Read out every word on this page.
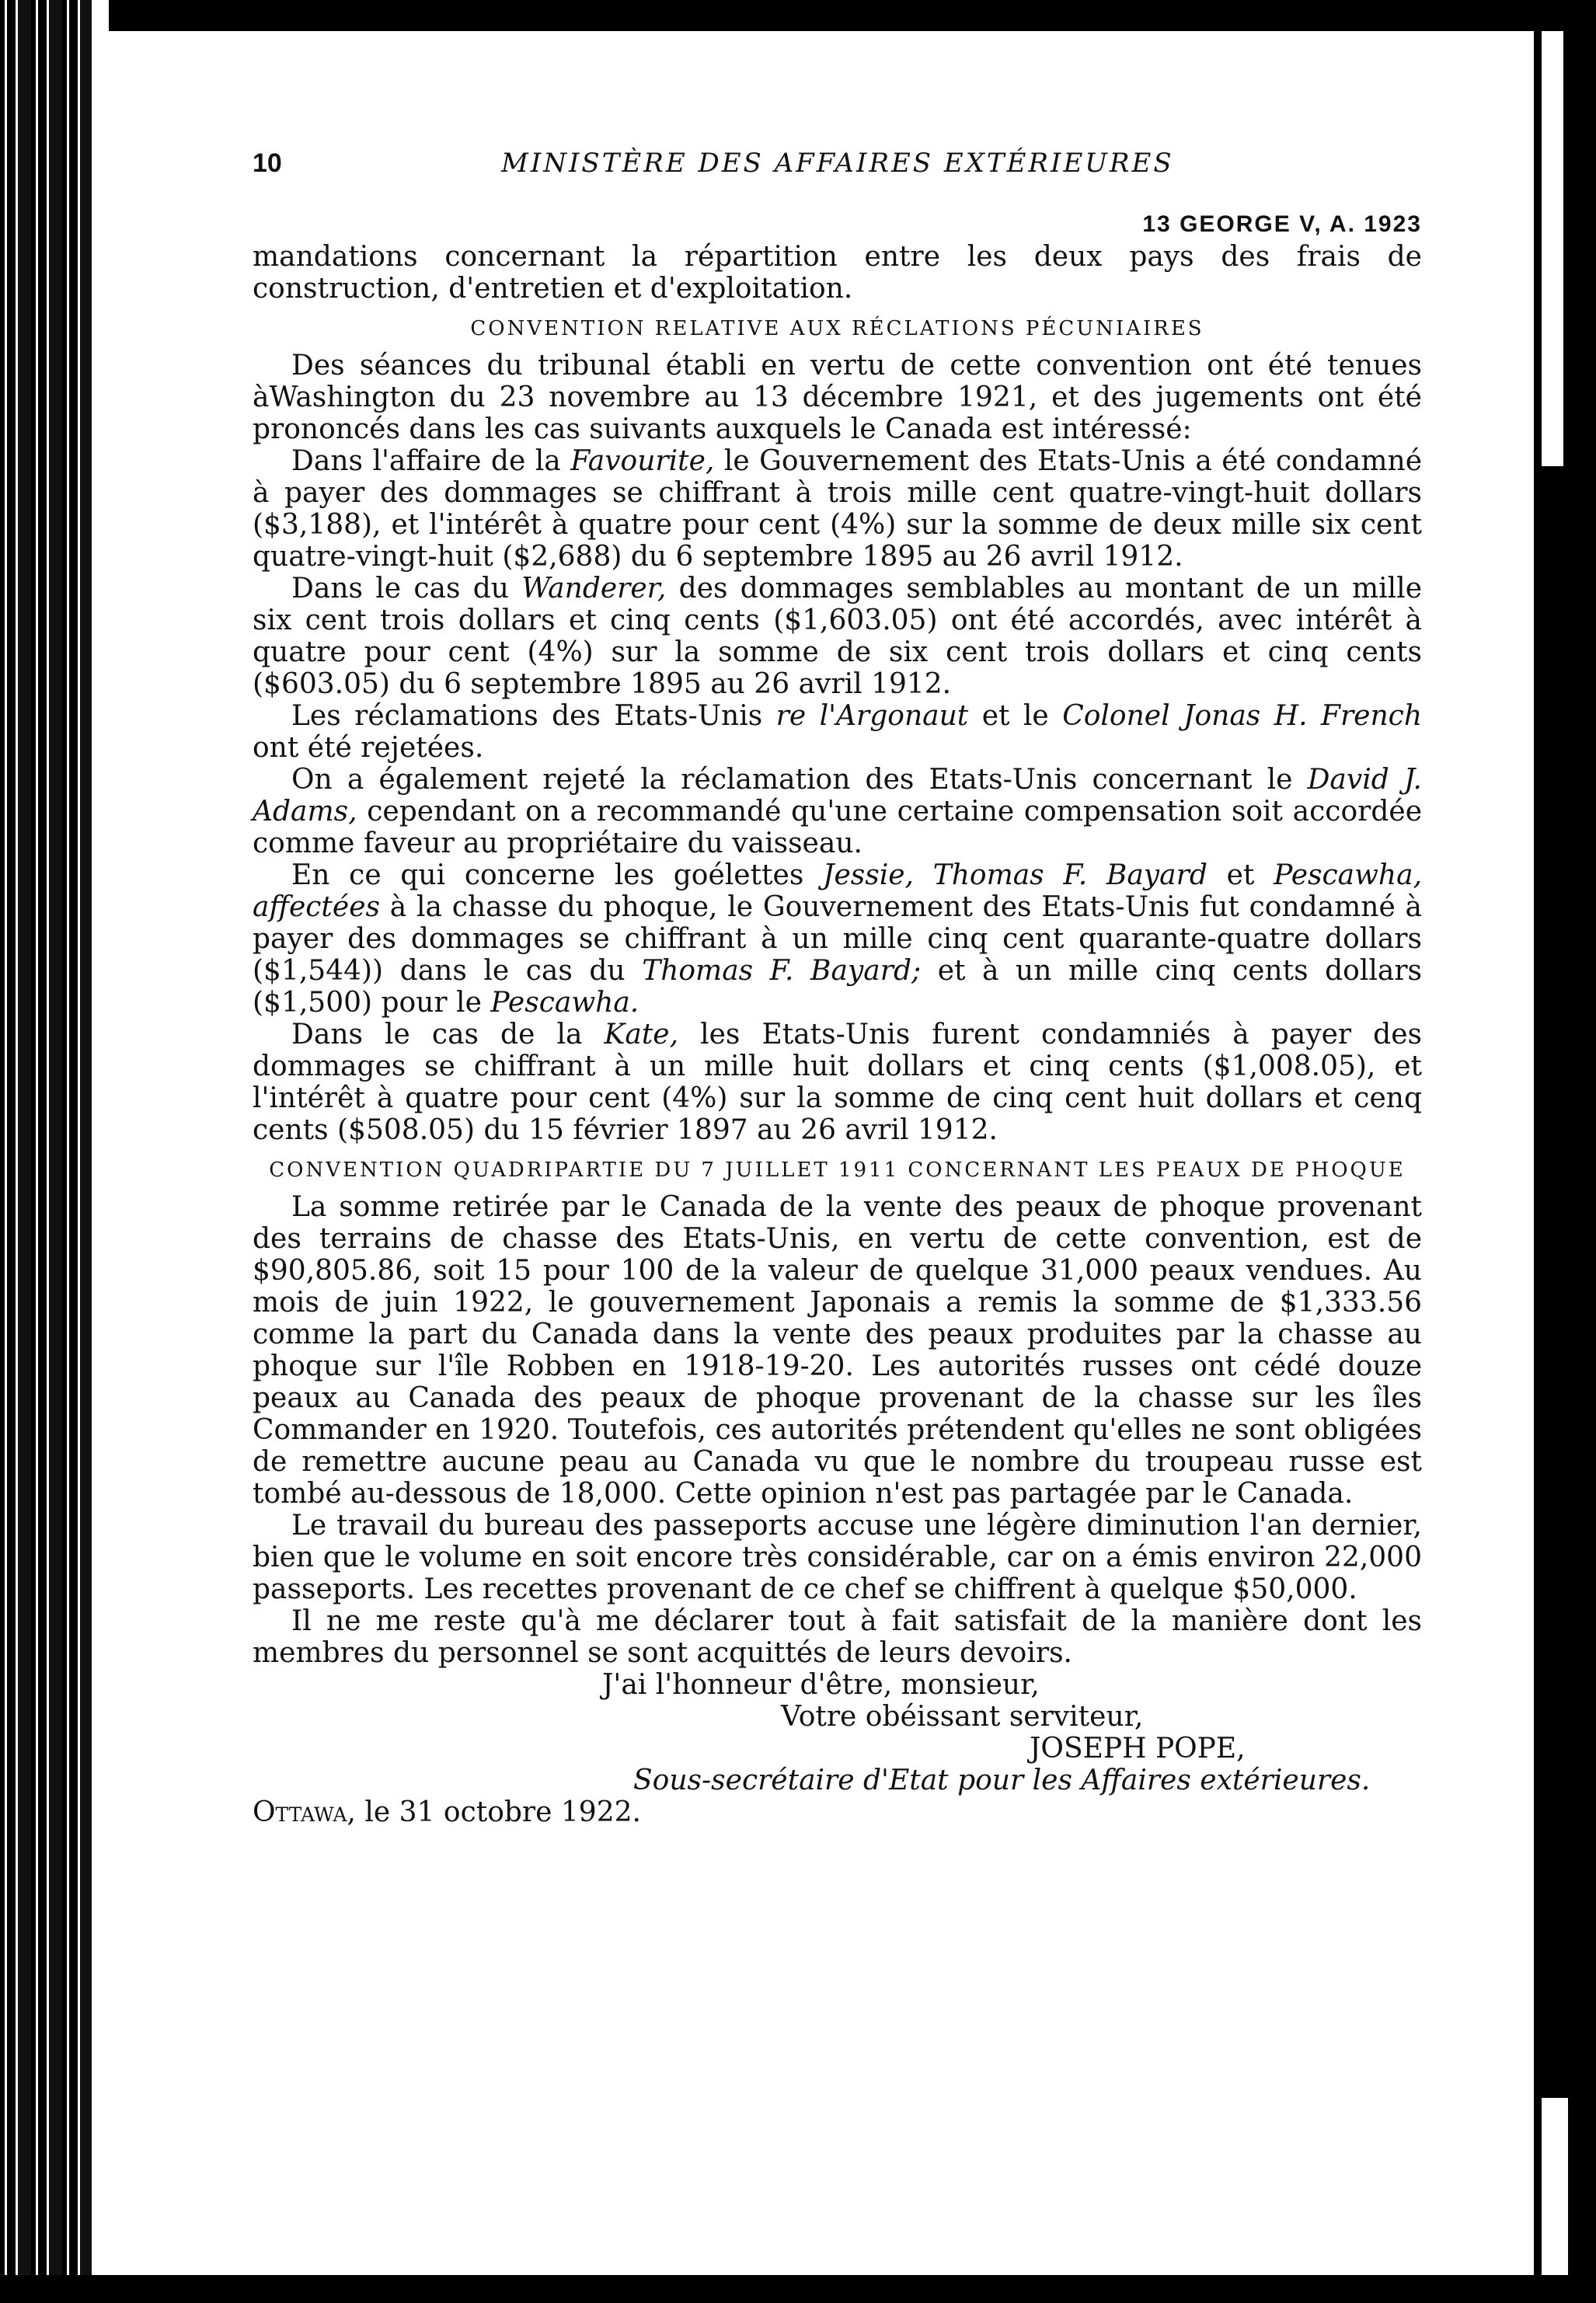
10	MINISTÈRE DES AFFAIRES EXTÉRIEURES
13 GEORGE V, A. 1923

mandations concernant la répartition entre les deux pays des frais de construction, d'entretien et d'exploitation.

CONVENTION RELATIVE AUX RÉCLATIONS PÉCUNIAIRES

Des séances du tribunal établi en vertu de cette convention ont été tenues àWashington du 23 novembre au 13 décembre 1921, et des jugements ont été prononcés dans les cas suivants auxquels le Canada est intéressé:

Dans l'affaire de la Favourite, le Gouvernement des Etats-Unis a été condamné à payer des dommages se chiffrant à trois mille cent quatre-vingt-huit dollars ($3,188), et l'intérêt à quatre pour cent (4%) sur la somme de deux mille six cent quatre-vingt-huit ($2,688) du 6 septembre 1895 au 26 avril 1912.

Dans le cas du Wanderer, des dommages semblables au montant de un mille six cent trois dollars et cinq cents ($1,603.05) ont été accordés, avec intérêt à quatre pour cent (4%) sur la somme de six cent trois dollars et cinq cents ($603.05) du 6 septembre 1895 au 26 avril 1912.

Les réclamations des Etats-Unis re l'Argonaut et le Colonel Jonas H. French ont été rejetées.

On a également rejeté la réclamation des Etats-Unis concernant le David J. Adams, cependant on a recommandé qu'une certaine compensation soit accordée comme faveur au propriétaire du vaisseau.

En ce qui concerne les goélettes Jessie, Thomas F. Bayard et Pescawha, affectées à la chasse du phoque, le Gouvernement des Etats-Unis fut condamné à payer des dommages se chiffrant à un mille cinq cent quarante-quatre dollars ($1,544)) dans le cas du Thomas F. Bayard; et à un mille cinq cents dollars ($1,500) pour le Pescawha.

Dans le cas de la Kate, les Etats-Unis furent condamniés à payer des dommages se chiffrant à un mille huit dollars et cinq cents ($1,008.05), et l'intérêt à quatre pour cent (4%) sur la somme de cinq cent huit dollars et cenq cents ($508.05) du 15 février 1897 au 26 avril 1912.

CONVENTION QUADRIPARTIE DU 7 JUILLET 1911 CONCERNANT LES PEAUX DE PHOQUE

La somme retirée par le Canada de la vente des peaux de phoque provenant des terrains de chasse des Etats-Unis, en vertu de cette convention, est de $90,805.86, soit 15 pour 100 de la valeur de quelque 31,000 peaux vendues. Au mois de juin 1922, le gouvernement Japonais a remis la somme de $1,333.56 comme la part du Canada dans la vente des peaux produites par la chasse au phoque sur l'île Robben en 1918-19-20. Les autorités russes ont cédé douze peaux au Canada des peaux de phoque provenant de la chasse sur les îles Commander en 1920. Toutefois, ces autorités prétendent qu'elles ne sont obligées de remettre aucune peau au Canada vu que le nombre du troupeau russe est tombé au-dessous de 18,000. Cette opinion n'est pas partagée par le Canada.

Le travail du bureau des passeports accuse une légère diminution l'an dernier, bien que le volume en soit encore très considérable, car on a émis environ 22,000 passeports. Les recettes provenant de ce chef se chiffrent à quelque $50,000.

Il ne me reste qu'à me déclarer tout à fait satisfait de la manière dont les membres du personnel se sont acquittés de leurs devoirs.

J'ai l'honneur d'être, monsieur,
Votre obéissant serviteur,
JOSEPH POPE,
Sous-secrétaire d'Etat pour les Affaires extérieures.
Ottawa, le 31 octobre 1922.
